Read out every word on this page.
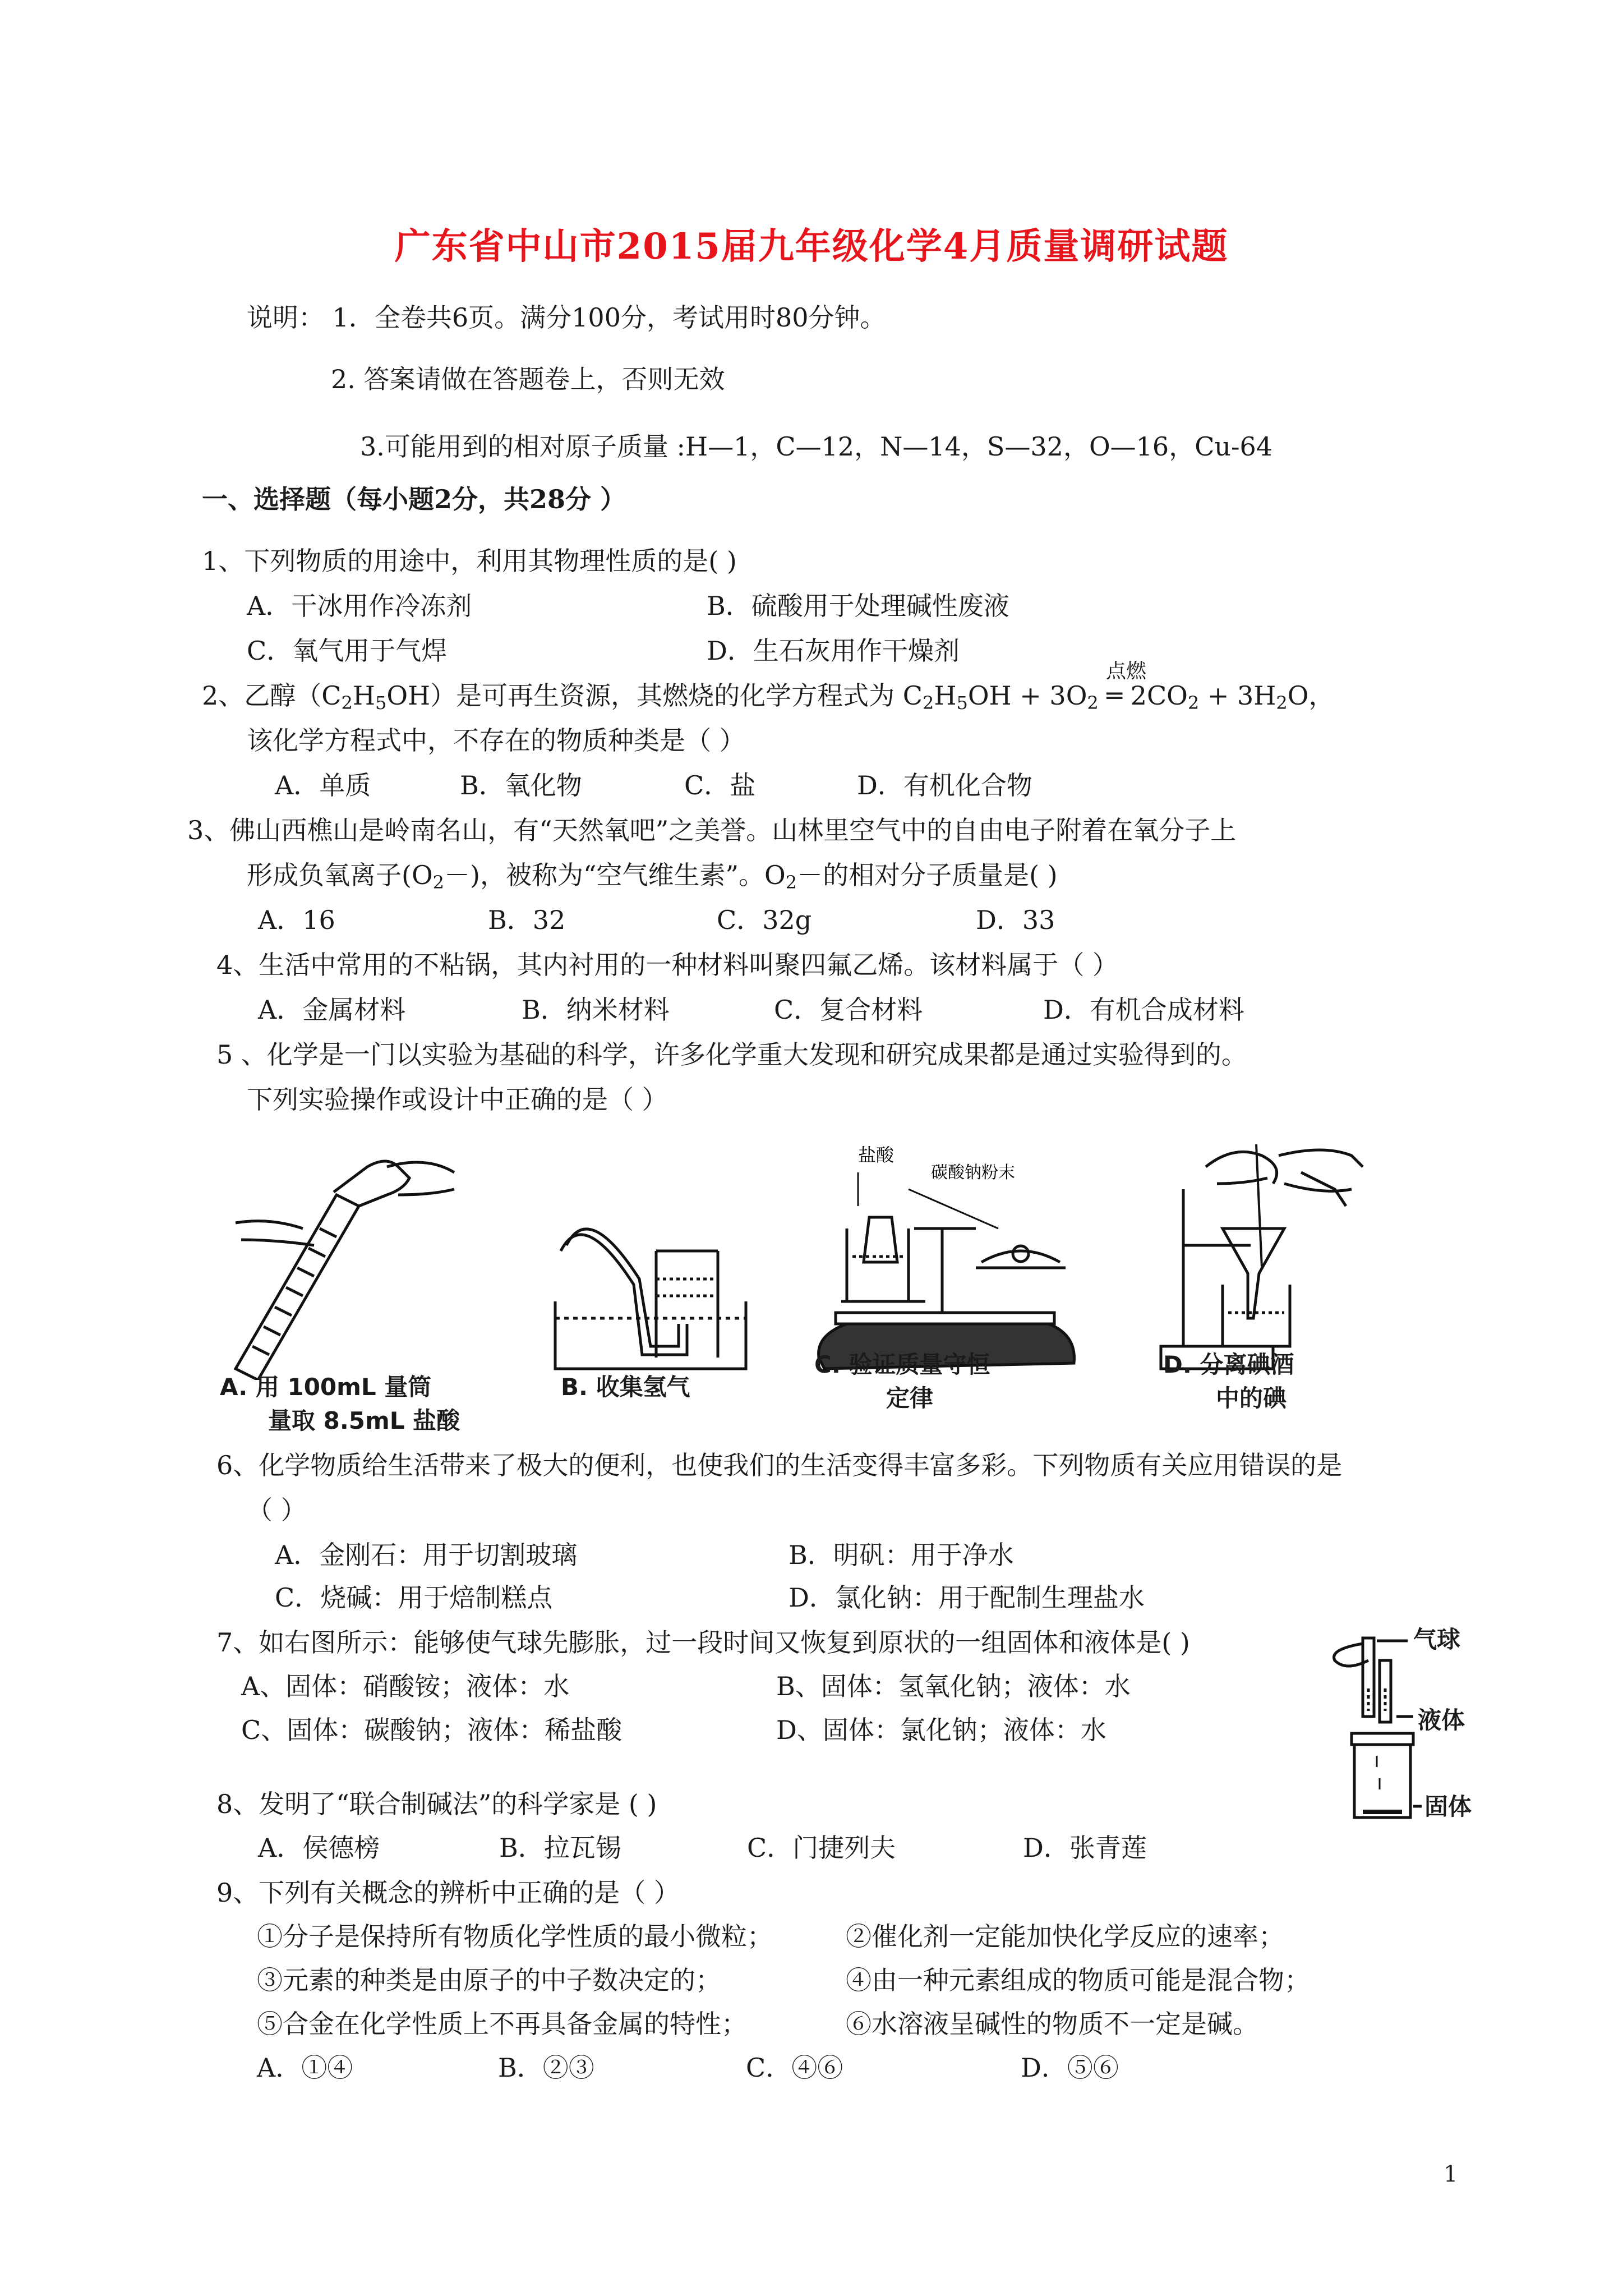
广东省中山市2015届九年级化学4月质量调研试题
说明： 1．全卷共6页。满分100分，考试用时80分钟。
2. 答案请做在答题卷上，否则无效
3.可能用到的相对原子质量 :H—1，C—12，N—14，S—32，O—16，Cu-64
一、选择题（每小题2分，共28分 ）
1、下列物质的用途中，利用其物理性质的是( )
A．干冰用作冷冻剂	B．硫酸用于处理碱性废液
C．氧气用于气焊	D．生石灰用作干燥剂
2、乙醇$(C_2H_5OH)$是可再生资源，其燃烧的化学方程式为 $C_2H_5OH + 3O_2$ ═ $2CO_2 + 3H_2O$，
点燃
该化学方程式中，不存在的物质种类是（ ）
A．单质	B．氧化物	C．盐	D．有机化合物
3、佛山西樵山是岭南名山，有“天然氧吧”之美誉。山林里空气中的自由电子附着在氧分子上
形成负氧离子$(O_2-)$，被称为“空气维生素”。$O_2-$的相对分子质量是( )
A．16	B．32	C．32g	D．33
4、生活中常用的不粘锅，其内衬用的一种材料叫聚四氟乙烯。该材料属于（ ）
A．金属材料	B．纳米材料	C．复合材料	D．有机合成材料
5 、化学是一门以实验为基础的科学，许多化学重大发现和研究成果都是通过实验得到的。
下列实验操作或设计中正确的是（ ）
盐酸
碳酸钠粉末
A. 用 100mL 量筒
量取 8.5mL 盐酸
B. 收集氢气
C. 验证质量守恒
定律
D. 分离碘酒
中的碘
6、化学物质给生活带来了极大的便利，也使我们的生活变得丰富多彩。下列物质有关应用错误的是
（ ）
A．金刚石：用于切割玻璃	B．明矾：用于净水
C．烧碱：用于焙制糕点	D．氯化钠：用于配制生理盐水
7、如右图所示：能够使气球先膨胀，过一段时间又恢复到原状的一组固体和液体是( )
A、固体：硝酸铵；液体：水	B、固体：氢氧化钠；液体：水
C、固体：碳酸钠；液体：稀盐酸	D、固体：氯化钠；液体：水
气球
液体
固体
8、发明了“联合制碱法”的科学家是 ( )
A．侯德榜	B．拉瓦锡	C．门捷列夫	D．张青莲
9、下列有关概念的辨析中正确的是（ ）
①分子是保持所有物质化学性质的最小微粒；	②催化剂一定能加快化学反应的速率；
③元素的种类是由原子的中子数决定的；	④由一种元素组成的物质可能是混合物；
⑤合金在化学性质上不再具备金属的特性；	⑥水溶液呈碱性的物质不一定是碱。
A．①④	B．②③	C．④⑥	D．⑤⑥
1
